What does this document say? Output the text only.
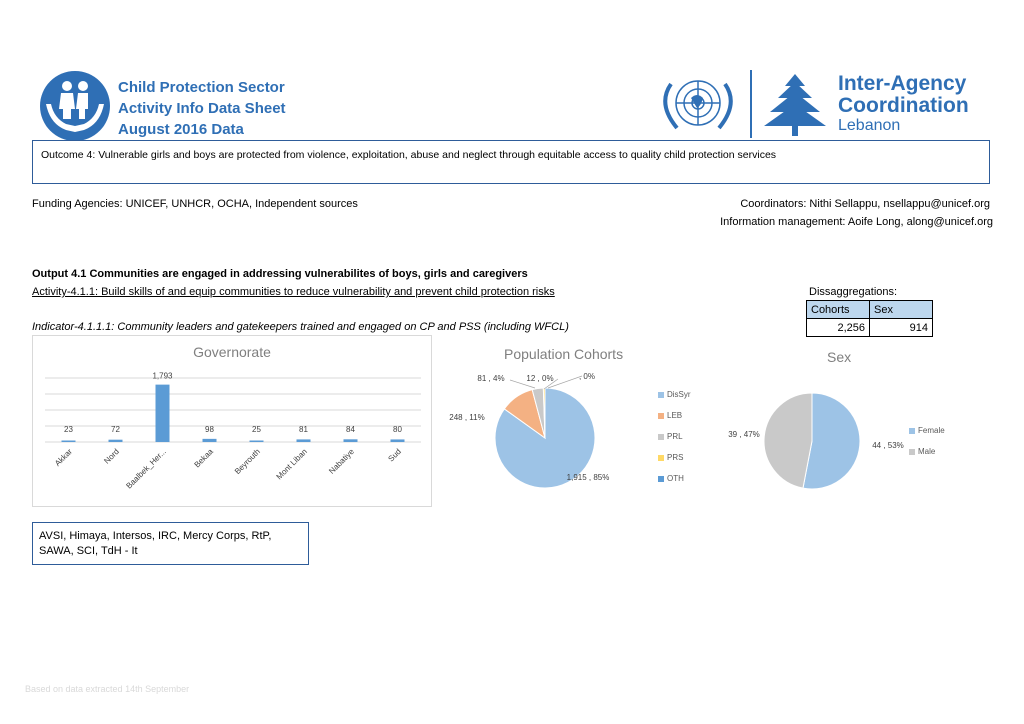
Child Protection Sector
Activity Info Data Sheet
August 2016 Data
Inter-Agency
Coordination
Lebanon
Outcome 4: Vulnerable girls and boys are protected from violence, exploitation, abuse and neglect through equitable access to quality child protection services
Funding Agencies: UNICEF, UNHCR, OCHA, Independent sources	Coordinators: Nithi Sellappu, nsellappu@unicef.org
Information management: Aoife Long, along@unicef.org
Output 4.1 Communities are engaged in addressing vulnerabilites of boys, girls and caregivers
Activity-4.1.1: Build skills of and equip communities to reduce vulnerability and prevent child protection risks
Indicator-4.1.1.1: Community leaders and gatekeepers trained and engaged on CP and PSS (including WFCL)
Dissaggregations:
Cohorts	Sex
2,256	914
Governorate
23
Akkar
72
Nord
1,793
Baalbek_Her...
98
Bekaa
25
Beyrouth
81
Mont Liban
84
Nabatiye
80
Sud
Population Cohorts
1,915 , 85%
248 , 11%
81 , 4%	12 , 0%	, 0%
DisSyr
LEB
PRL
PRS
OTH
Sex
44 , 53%
39 , 47%	Female
Male
AVSI, Himaya, Intersos, IRC, Mercy Corps, RtP, SAWA, SCI, TdH - It
Based on data extracted 14th September
